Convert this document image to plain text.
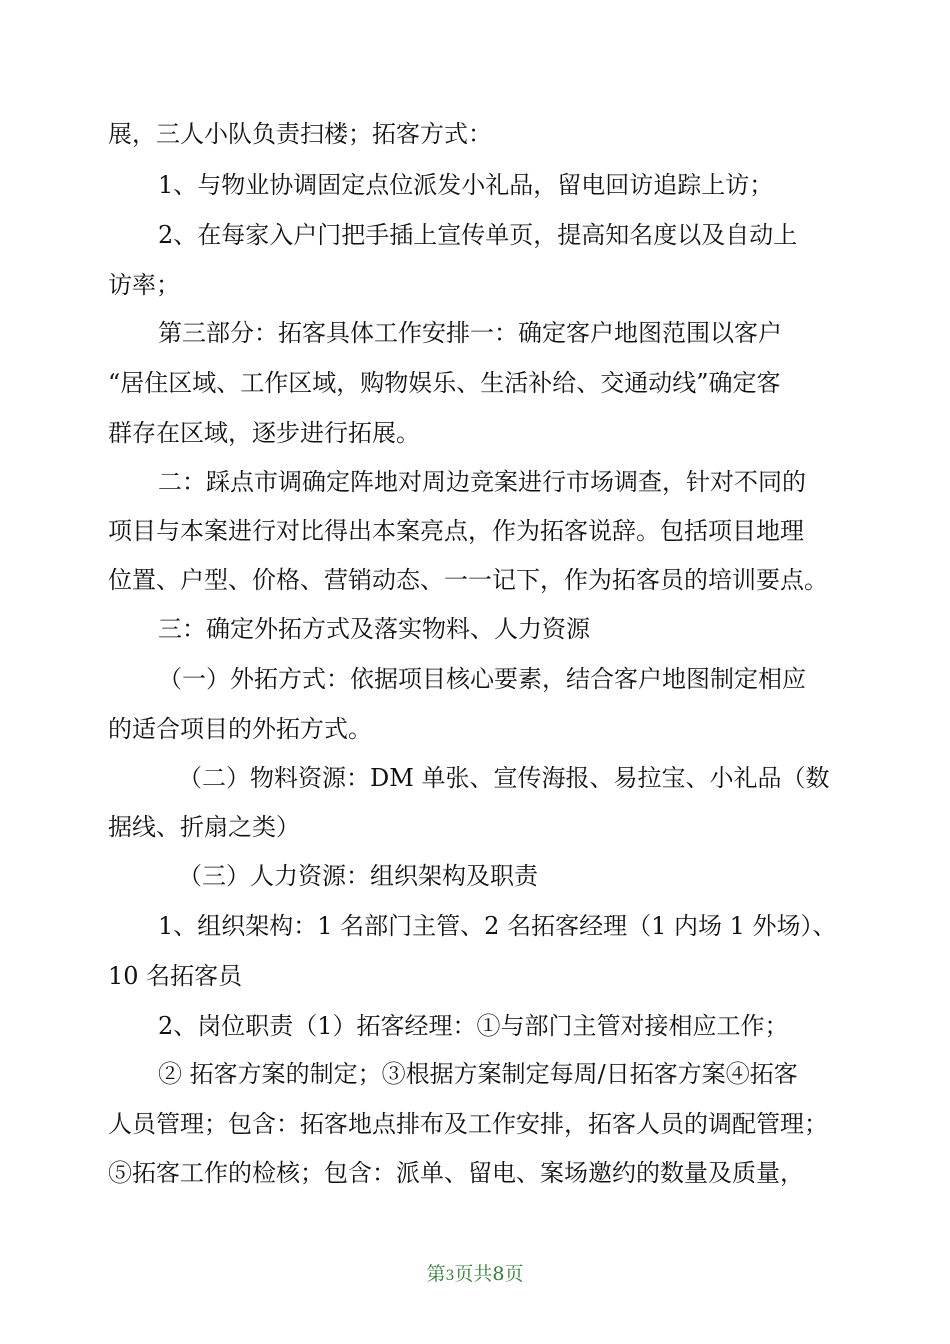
展，三人小队负责扫楼；拓客方式：
1、与物业协调固定点位派发小礼品，留电回访追踪上访；
2、在每家入户门把手插上宣传单页，提高知名度以及自动上
访率；
第三部分：拓客具体工作安排一：确定客户地图范围以客户
“居住区域、工作区域，购物娱乐、生活补给、交通动线”确定客
群存在区域，逐步进行拓展。
二：踩点市调确定阵地对周边竞案进行市场调查，针对不同的
项目与本案进行对比得出本案亮点，作为拓客说辞。包括项目地理
位置、户型、价格、营销动态、一一记下，作为拓客员的培训要点。
三：确定外拓方式及落实物料、人力资源
（一）外拓方式：依据项目核心要素，结合客户地图制定相应
的适合项目的外拓方式。
（二）物料资源：DM 单张、宣传海报、易拉宝、小礼品（数
据线、折扇之类）
（三）人力资源：组织架构及职责
1、组织架构：1 名部门主管、2 名拓客经理（1 内场 1 外场）、
10 名拓客员
2、岗位职责（1）拓客经理：①与部门主管对接相应工作；
② 拓客方案的制定；③根据方案制定每周/日拓客方案④拓客
人员管理；包含：拓客地点排布及工作安排，拓客人员的调配管理；
⑤拓客工作的检核；包含：派单、留电、案场邀约的数量及质量，
第3页共8页
